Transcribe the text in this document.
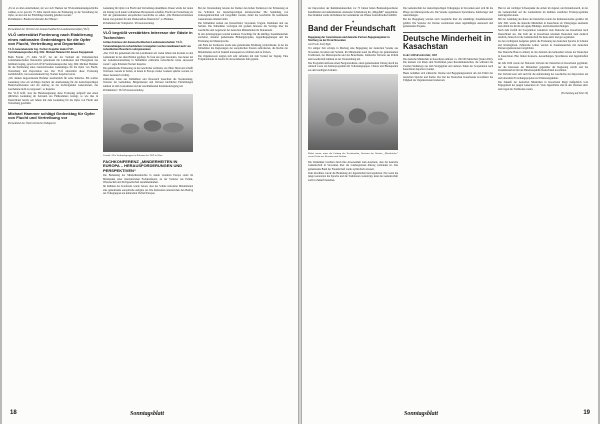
„Es ist an allen entscheidend, der wer sich Themen der NS-Kommunistengeschichte widmet, es ist gewollt. 75 Jahre danach muss die Erinnerung an die Vertreibung der Opfer, an das Leid der Flüchtlinge lebendig gehalten werden.“
Präsidialamt / Bundesvorsitzender Karl Hauser
Pressedienst der Vertreter der donauschwäbischen Landsmannschaften (VLÖ)
VLÖ unterstützt Forderung nach Etablierung eines nationalen Gedenktages für die Opfer von Flucht, Vertreibung und Deportation
VLÖ-Generalsekretär Ing. Norbert Kapeller dankt ÖVP-Vertriebenensprecher Abg. DDr. Michael Hammer für dessen Engagement
Beim Festakt „75 Jahre VLÖ“, bei der der Verband der Volksdeutschen Landsmannschaften Österreichs gemeinsam mit Landsleuten und Ehrengästen das Jubiläum beging, sprach sich ÖVP-Vertriebenensprecher Abg. DDr. Michael Hammer für die Etablierung eines österreichweiten Gedenktages für die Opfer von Flucht, Vertreibung und Deportation aus. Der VLÖ unterstützt diese Forderung nachdrücklich, wie Generalsekretär Ing. Norbert Kapeller betont.
„Wir danken Abgeordnetem Hammer ausdrücklich für seine Initiative. Ein solcher Gedenktag wäre ein wichtiges Zeichen der Anerkennung für die deutschsprachigen Heimatvertriebenen und ein Auftrag an die nachfolgenden Generationen, das Geschehene nicht zu vergessen“, so Kapeller.
Der VLÖ hofft, dass die Bundesregierung diese Forderung aufgreift und einen jährlichen Gedenktag im Zeitraum des Frühsommers festlegt, so wie dies in Deutschland bereits seit Jahren mit dem Gedenktag für die Opfer von Flucht und Vertreibung geschieht.
Michael Hammer schlägt Gedenktag für Opfer von Flucht und Vertreibung vor
Pressedienst der Österreichischen Volkspartei
Gedenktag für Opfer von Flucht und Vertreibung einzuführen. Dieser würde bei vielen ein bislang noch kaum vorhandenes Bewusstsein schaffen, Flucht und Vertreibung als Teil der gemeinsamen europäischen Geschichte zu sehen. „Die Heimatvertriebenen haben viel geleistet für den Wiederaufbau Österreichs“, so Hammer.
Präsidialamt der Volkspartei / Presseaussendung
VLÖ begrüßt verstärktes Interesse der Gäste in Tschechien
Grünes Interesse der donauschwäbischen Landsmannschaften: VLÖ-Veranstaltungen im tschechischen Grenzgebiet werden zunehmend auch von tschechischen Besuchern wahrgenommen
„Der VLÖ hat gemeinsam mit den Landsleuten seit vielen Jahren den Kontakt zu den Gemeinden in der alten Heimat gepflegt. Es freut uns ganz besonders, dass heuer bei der Gedenkveranstaltung in Südmähren zahlreiche tschechische Gäste anwesend waren“, sagte Präsident Norbert Kapeller.
Die gemeinsame Erinnerung an die Geschichte verbindet, sie öffnet Türen und schafft Vertrauen. Gerade in Zeiten, in denen in Europa wieder Grenzen spürbar werden, ist dieser Austausch wichtig.
Zahlreiche Gäste aus Südmähren und Österreich besuchten die Veranstaltung. Vertreter der Gemeinden, Bürgermeister und Vertreter kirchlicher Einrichtungen nahmen an dem Gottesdienst und der anschließenden Kranzniederlegung teil.
Präsidialamt / VLÖ-Presseaussendung
Festakt / Die Verbandsgruppe im Rahmen des VLÖ in Wien
FACHKONFERENZ „MINDERHEITEN IN EUROPA – HERAUSFORDERUNGEN UND PERSPEKTIVEN“
Die Bedeutung der Minderheitenrechte in einem vereinten Europa stand im Mittelpunkt einer internationalen Fachkonferenz, zu der Vertreter aus Politik, Wissenschaft und Zivilgesellschaft zusammenkamen.
Im Rahmen der Konferenz wurde betont, dass der Schutz nationaler Minderheiten eine gemeinsame europäische Aufgabe sei. Die Referenten unterstrichen den Beitrag der Volksgruppen zur kulturellen Vielfalt Europas.
Bei der Veranstaltung betonte der Redner den hohen Stellenwert der Erinnerung an das Schicksal der deutschsprachigen Altösterreicher. Die Sammlung von Zeitzeugenberichten soll fortgeführt werden, damit die Geschichte für kommende Generationen erhalten bleibt.
Die Teilnehmer kamen aus Deutschland, Slowenien, Ungarn, Rumänien und aus Serbien. Die Teilnehmer verfolgten mit großem Interesse die Vorträge über die Geschichte und Gegenwart der deutschen Minderheiten im Donauraum.
In den Arbeitsgruppen wurden konkrete Vorschläge für die künftige Zusammenarbeit erarbeitet, darunter gemeinsame Bildungsprojekte, Jugendbegegnungen und die Förderung der Muttersprache.
Am Ende der Konferenz wurde eine gemeinsame Erklärung verabschiedet, in der die Teilnehmer die Regierungen der europäischen Staaten aufforderten, die Rechte der Minderheiten auch in Zukunft konsequent zu schützen und zu fördern.
Die Organisatoren zeigten sich sehr zufrieden mit dem Verlauf der Tagung. Eine Folgekonferenz ist bereits für das kommende Jahr geplant.
18	Sonntagsblatt
der Deportation der Rumäniendeutschen vor 75 Jahren haben Bundesabgeordneter Kandlbinder und Außenminister Alexander Schallenberg ihr „Mitgefühl“ ausgedrückt. Das Denkmal wurde im Rahmen der Gedenkfeier am Wiener Zentralfriedhof enthüllt.
✦
Band der Freundschaft
Begegnung der Generationen und deutsche Partner-Begegnungsfeier in Marburg an der Drau/Slowenien
von Erwin Josef Tigla
Vor einiger Zeit erfolgte in Marburg eine Begegnung der deutschen Vereine aus Slowenien, Kroatien und Serbien. Im Mittelpunkt stand die Pflege der gemeinsamen Traditionen, der Muttersprache und des Brauchtums. Zahlreiche Vertreter aus Politik und Gesellschaft nahmen an der Veranstaltung teil.
Das Programm umfasste einen Festgottesdienst, einen gemeinsamen Umzug durch die Altstadt sowie ein Kulturprogramm mit Volkstanzgruppen, Chören und Blaskapellen aus den beteiligten Ländern.
Dabei waren, unter der Leitung des Vorsitzenden, Vertreter der Vereine „Mostbrücke“ sowie Gäste aus Kroatien und Serbien.
Die Teilnehmer brachten durch ihre Anwesenheit zum Ausdruck, dass die deutsche Gemeinschaft in Slowenien über die Landesgrenzen hinweg verbunden ist. Das gemeinsame Band der Freundschaft wurde symbolisch erneuert.
Zum Abschluss wurde die Bedeutung der Jugendarbeit hervorgehoben. Nur wenn die junge Generation die Sprache und die Traditionen weiterträgt, kann die Gemeinschaft auch in Zukunft bestehen.
Die Gemeinschaft der deutschsprachigen Volksgruppe in Slowenien setzt sich für die Pflege der Muttersprache ein. Die Vereine organisieren Sprachkurse, Kinderlager und Ausstellungen.
Bei der Begegnung wurden auch Gespräche über die zukünftige Zusammenarbeit geführt. Die Vertreter der Vereine vereinbarten einen regelmäßigen Austausch und gemeinsame Projekte.
Deutsche Minderheit in Kasachstan
In der UdSSR entrechtet, 1993
Die deutsche Minderheit in Kasachstan umfasst ca. 180 000 Menschen (Stand 2020). Die meisten von ihnen sind Nachfahren jener Russlanddeutschen, die während des Zweiten Weltkriegs aus dem Wolgagebiet und anderen Teilen der Sowjetunion nach Kasachstan deportiert wurden.
Heute bemühen sich zahlreiche Vereine und Begegnungszentren um den Erhalt der deutschen Sprache und Kultur. Der Rat der Deutschen Kasachstans koordiniert die Tätigkeit der Organisationen landesweit.
Hier ist ein wichtiger Schwerpunkt die Arbeit im Jugend- und Kinderbereich, in der die Gemeinschaft auf die Landesmittel im Rahmen staatlicher Förderprogramme zurückgreifen kann.
Mit der Gründung des Rates der Deutschen wurde die Kulturautonomie gestärkt. Im Jahr 1991 wurde die deutsche Minderheit in Kasachstan als Volksgruppe anerkannt und erhielt das Recht auf eigene Bildungs- und Kultureinrichtungen.
Nach dem Zerfall der Sowjetunion wanderten viele Deutsche aus Kasachstan nach Deutschland aus. Die Zahl der in Kasachstan lebenden Deutschen sank dadurch deutlich, dennoch ist die Gemeinschaft bis heute aktiv und gut organisiert.
Zu den wichtigsten Aufgaben gehört die Förderung der deutschen Sprache in Schulen und Kindergärten. Zahlreiche Lehrer werden in Zusammenarbeit mit deutschen Partnerorganisationen fortgebildet.
Das Deutsche Haus in Almaty ist das Zentrum des kulturellen Lebens der Deutschen in Kasachstan. Hier finden Konzerte, Ausstellungen, Sprachkurse und Jugendtreffen statt.
Im Jahr 2020 wurde der Nationale Verband der Deutschen in Kasachstan gegründet, der die Interessen der Minderheit gegenüber der Regierung vertritt und die Zusammenarbeit mit der Bundesrepublik Deutschland koordiniert.
Der Verband setzt sich auch für die Aufarbeitung der Geschichte der Deportation ein und unterstützt Forschungsprojekte zur Erinnerungskultur.
Die Zukunft der deutschen Minderheit in Kasachstan hängt maßgeblich vom Engagement der jungen Generation ab. Viele Jugendliche sind in den Vereinen aktiv und tragen die Traditionen weiter.
(Fortsetzung auf Seite 20)
Sonntagsblatt	19
